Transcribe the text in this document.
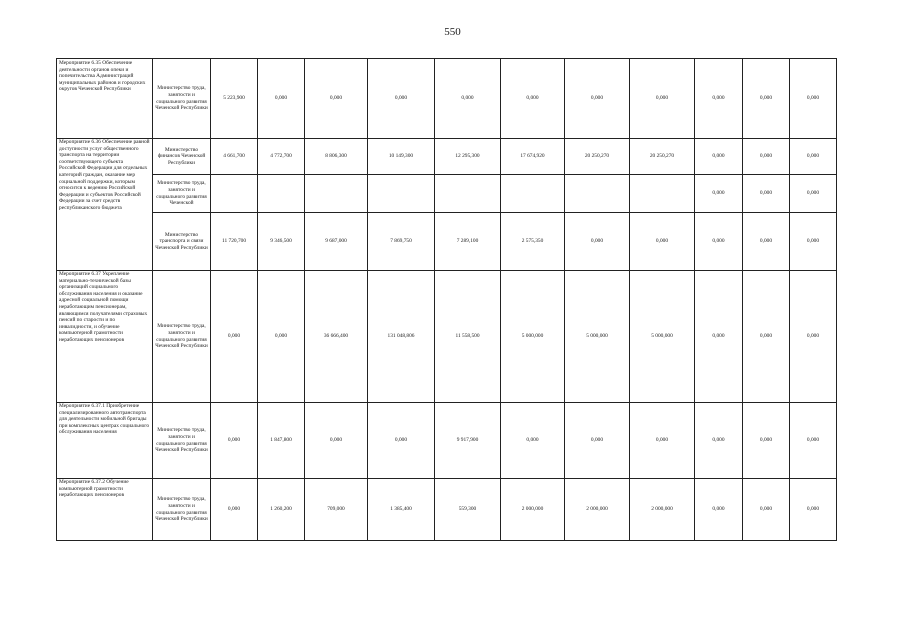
550
Мероприятие 6.35 Обеспечение деятельности органов опеки и попечительства Администраций муниципальных районов и городских округов Чеченской Республики	Министерство труда, занятости и социального развития Чеченской Республики	5 223,900	0,000	0,000	0,000	0,000	0,000	0,000	0,000	0,000	0,000	0,000
Мероприятие 6.36 Обеспечение равной доступности услуг общественного транспорта на территории соответствующего субъекта Российской Федерации для отдельных категорий граждан, оказание мер социальной поддержки, которым относится к ведению Российской Федерации и субъектов Российской Федерации за счет средств республиканского бюджета	Министерство финансов Чеченской Республики	4 661,700	4 772,700	8 806,300	10 149,300	12 295,300	17 674,920	20 250,270	20 250,270	0,000	0,000	0,000
	Министерство труда, занятости и социального развития Чеченской									0,000	0,000	0,000
	Министерство транспорта и связи Чеченской Республики	11 720,700	9 346,500	9 687,000	7 869,750	7 289,100	2 575,350	0,000	0,000	0,000	0,000	0,000
Мероприятие 6.37 Укрепление материально-технической базы организаций социального обслуживания населения и оказание адресной социальной помощи неработающим пенсионерам, являющимся получателями страховых пенсий по старости и по инвалидности, и обучение компьютерной грамотности неработающих пенсионеров	Министерство труда, занятости и социального развития Чеченской Республики	0,000	0,000	36 666,400	131 048,806	11 558,500	5 000,000	5 000,000	5 000,000	0,000	0,000	0,000
Мероприятие 6.37.1 Приобретение специализированного автотранспорта для деятельности мобильной бригады при комплексных центрах социального обслуживания населения	Министерство труда, занятости и социального развития Чеченской Республики	0,000	1 847,800	0,000	0,000	9 917,900	0,000	0,000	0,000	0,000	0,000	0,000
Мероприятие 6.37.2 Обучение компьютерной грамотности неработающих пенсионеров	Министерство труда, занятости и социального развития Чеченской Республики	0,000	1 260,200	709,000	1 385,400	559,300	2 000,000	2 000,000	2 000,000	0,000	0,000	0,000
